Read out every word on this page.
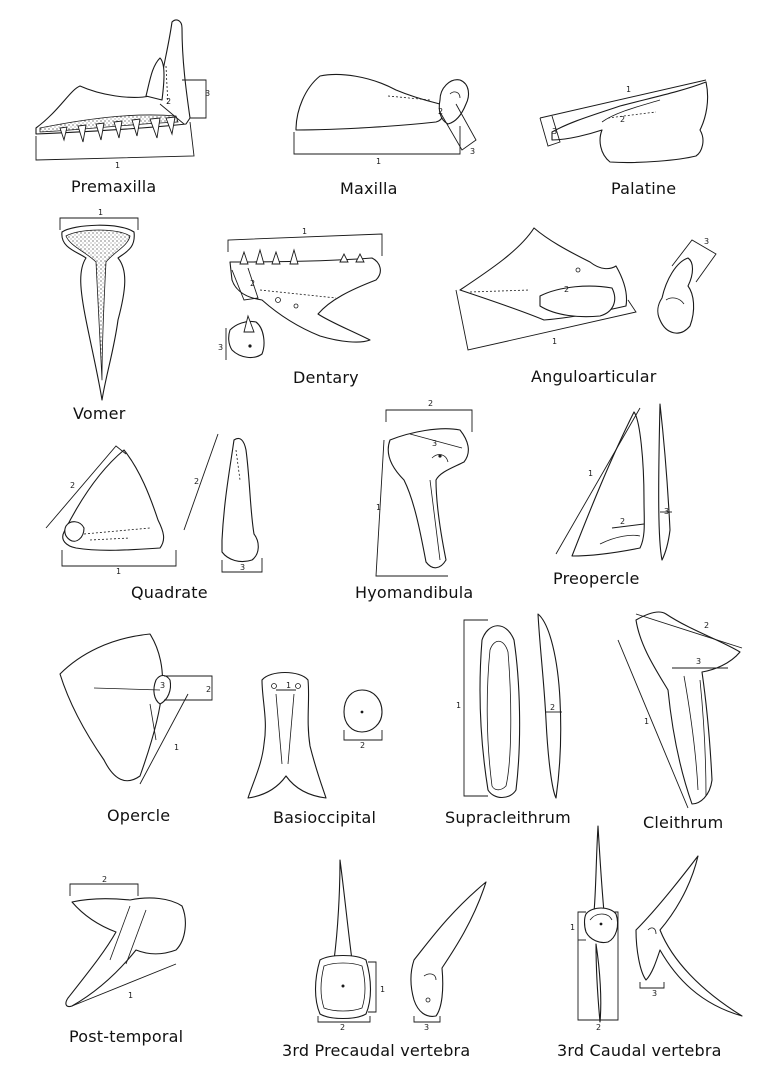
1
2
3
1
2
3
1
2
3
1
1
2
3
1
2
3
2
1
2
3
2
1
3
1
2
3
2
1
3	1
2
1	2
2
1
3
2
1
1
2	3
1
2
3
Premaxilla	Maxilla	Palatine
Vomer
Dentary	Anguloarticular
Quadrate	Hyomandibula
Preopercle
Opercle	Basioccipital	Supracleithrum	Cleithrum
Post-temporal
3rd Precaudal vertebra	3rd Caudal vertebra
